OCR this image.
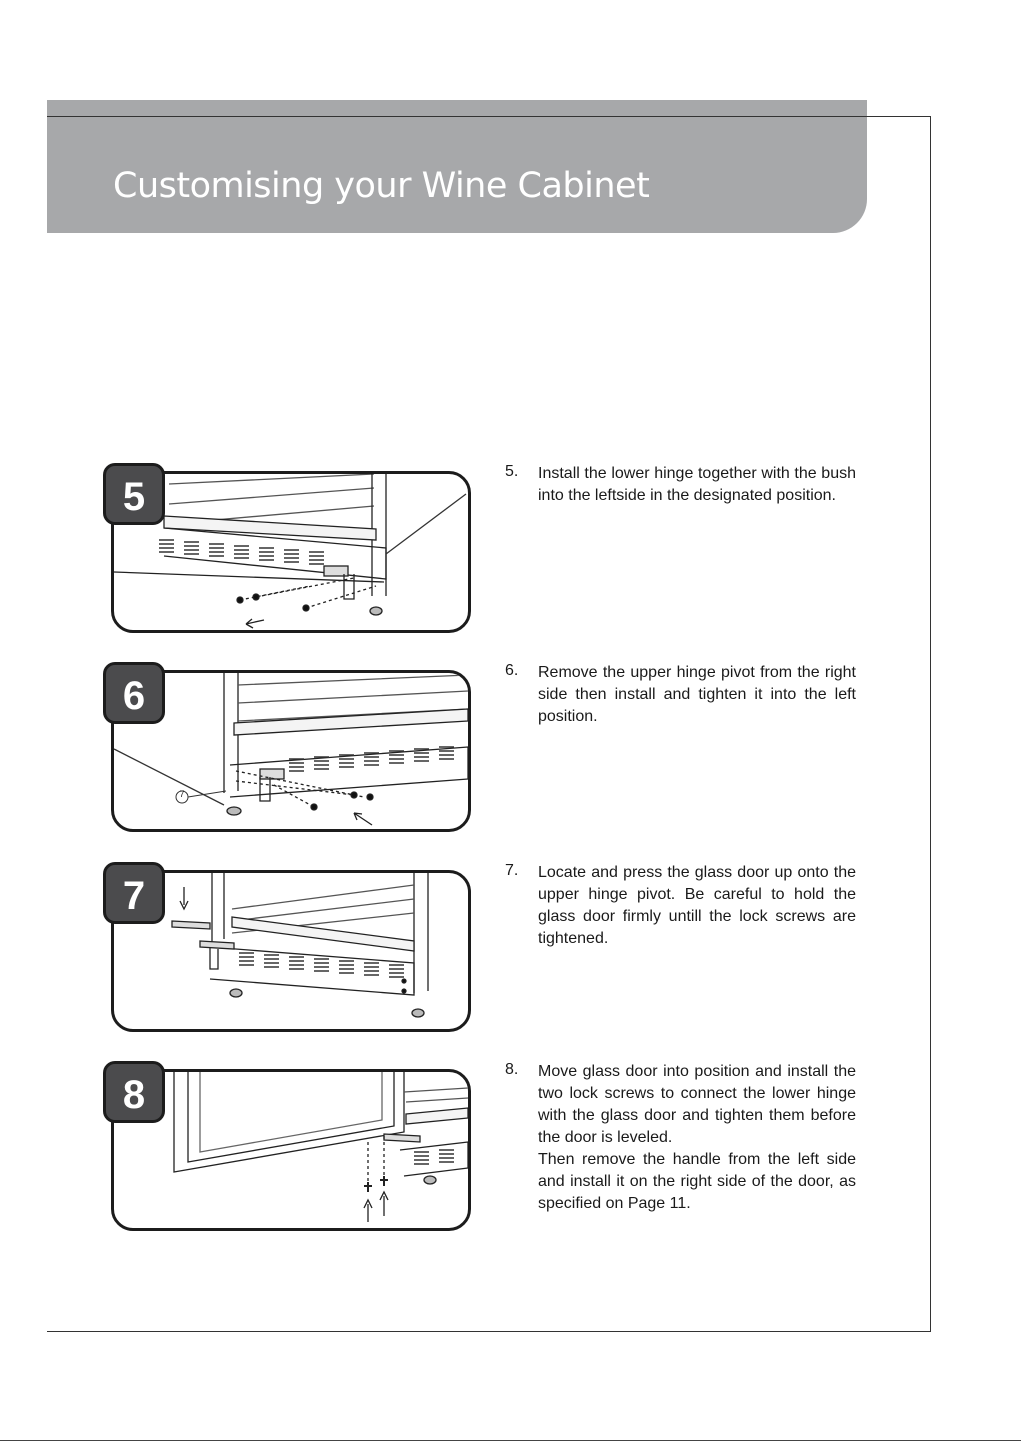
Customising your Wine Cabinet
5
5. Install the lower hinge together with the bush into the leftside in the designated position.

7
6
6. Remove the upper hinge pivot from the right side then install and tighten it into the left position.

7
7. Locate and press the glass door up onto the upper hinge pivot. Be careful to hold the glass door firmly untill the lock screws are tightened.

8
8. Move glass door into position and install the two lock screws to connect the lower hinge with the glass door and tighten them before the door is leveled.

Then remove the handle from the left side and install it on the right side of the door, as specified on Page 11.
